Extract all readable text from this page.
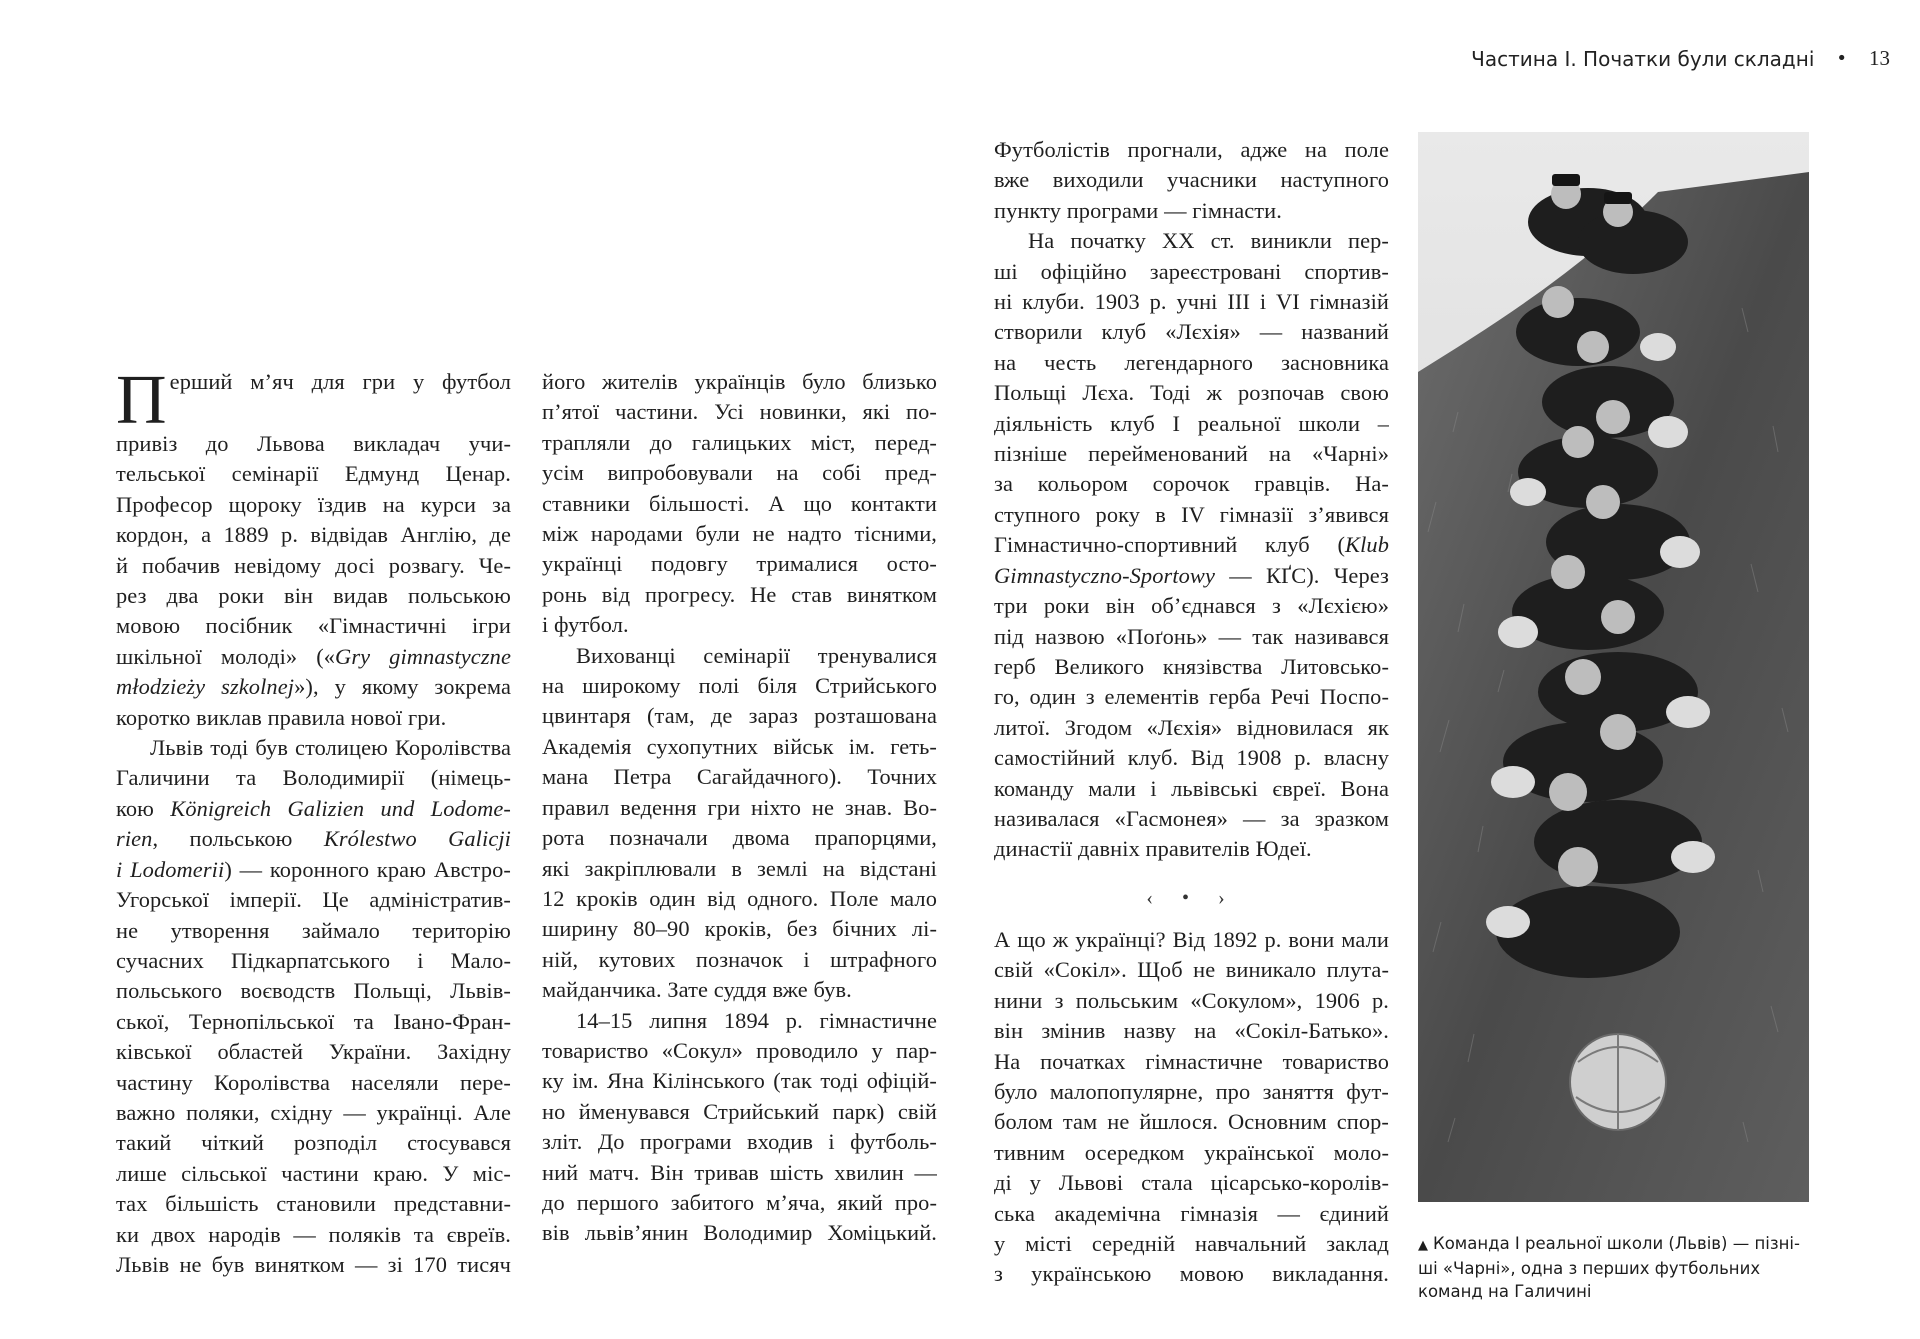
Частина I. Початки були складні • 13
Перший м’яч для гри у футбол
привіз до Львова викладач учи-
тельської семінарії Едмунд Ценар.
Професор щороку їздив на курси за
кордон, а 1889 р. відвідав Англію, де
й побачив невідому досі розвагу. Че-
рез два роки він видав польською
мовою посібник «Гімнастичні ігри
шкільної молоді» («Gry gimnastyczne
młodzieży szkolnej»), у якому зокрема
коротко виклав правила нової гри.
Львів тоді був столицею Королівства
Галичини та Володимирії (німець-
кою Königreich Galizien und Lodome-
rien, польською Królestwo Galicji
i Lodomerii) — коронного краю Австро-
Угорської імперії. Це адміністратив-
не утворення займало територію
сучасних Підкарпатського і Мало-
польського воєводств Польщі, Львів-
ської, Тернопільської та Івано-Фран-
ківської областей України. Західну
частину Королівства населяли пере-
важно поляки, східну — українці. Але
такий чіткий розподіл стосувався
лише сільської частини краю. У міс-
тах більшість становили представни-
ки двох народів — поляків та євреїв.
Львів не був винятком — зі 170 тисяч
його жителів українців було близько
п’ятої частини. Усі новинки, які по-
трапляли до галицьких міст, перед-
усім випробовували на собі пред-
ставники більшості. А що контакти
між народами були не надто тісними,
українці подовгу трималися осто-
ронь від прогресу. Не став винятком
і футбол.
Вихованці семінарії тренувалися
на широкому полі біля Стрийського
цвинтаря (там, де зараз розташована
Академія сухопутних військ ім. геть-
мана Петра Сагайдачного). Точних
правил ведення гри ніхто не знав. Во-
рота позначали двома прапорцями,
які закріплювали в землі на відстані
12 кроків один від одного. Поле мало
ширину 80–90 кроків, без бічних лі-
ній, кутових позначок і штрафного
майданчика. Зате суддя вже був.
14–15 липня 1894 р. гімнастичне
товариство «Сокул» проводило у пар-
ку ім. Яна Кілінського (так тоді офіцій-
но йменувався Стрийський парк) свій
зліт. До програми входив і футболь-
ний матч. Він тривав шість хвилин —
до першого забитого м’яча, який про-
вів львів’янин Володимир Хоміцький.
Футболістів прогнали, адже на поле
вже виходили учасники наступного
пункту програми — гімнасти.
На початку XX ст. виникли пер-
ші офіційно зареєстровані спортив-
ні клуби. 1903 р. учні III і VI гімназій
створили клуб «Лєхія» — названий
на честь легендарного засновника
Польщі Лєха. Тоді ж розпочав свою
діяльність клуб I реальної школи –
пізніше перейменований на «Чарні»
за кольором сорочок гравців. На-
ступного року в IV гімназії з’явився
Гімнастично-спортивний клуб (Klub
Gimnastyczno-Sportowy — КҐС). Через
три роки він об’єднався з «Лєхією»
під назвою «Поґонь» — так називався
герб Великого князівства Литовсько-
го, один з елементів герба Речі Поспо-
литої. Згодом «Лєхія» відновилася як
самостійний клуб. Від 1908 р. власну
команду мали і львівські євреї. Вона
називалася «Гасмонея» — за зразком
династії давніх правителів Юдеї.
‹ • ›
А що ж українці? Від 1892 р. вони мали
свій «Сокіл». Щоб не виникало плута-
нини з польським «Сокулом», 1906 р.
він змінив назву на «Сокіл-Батько».
На початках гімнастичне товариство
було малопопулярне, про заняття фут-
болом там не йшлося. Основним спор-
тивним осередком української моло-
ді у Львові стала цісарсько-королів-
ська академічна гімназія — єдиний
у місті середній навчальний заклад
з українською мовою викладання.
▲ Команда I реальної школи (Львів) — пізні-
ші «Чарні», одна з перших футбольних
команд на Галичині
